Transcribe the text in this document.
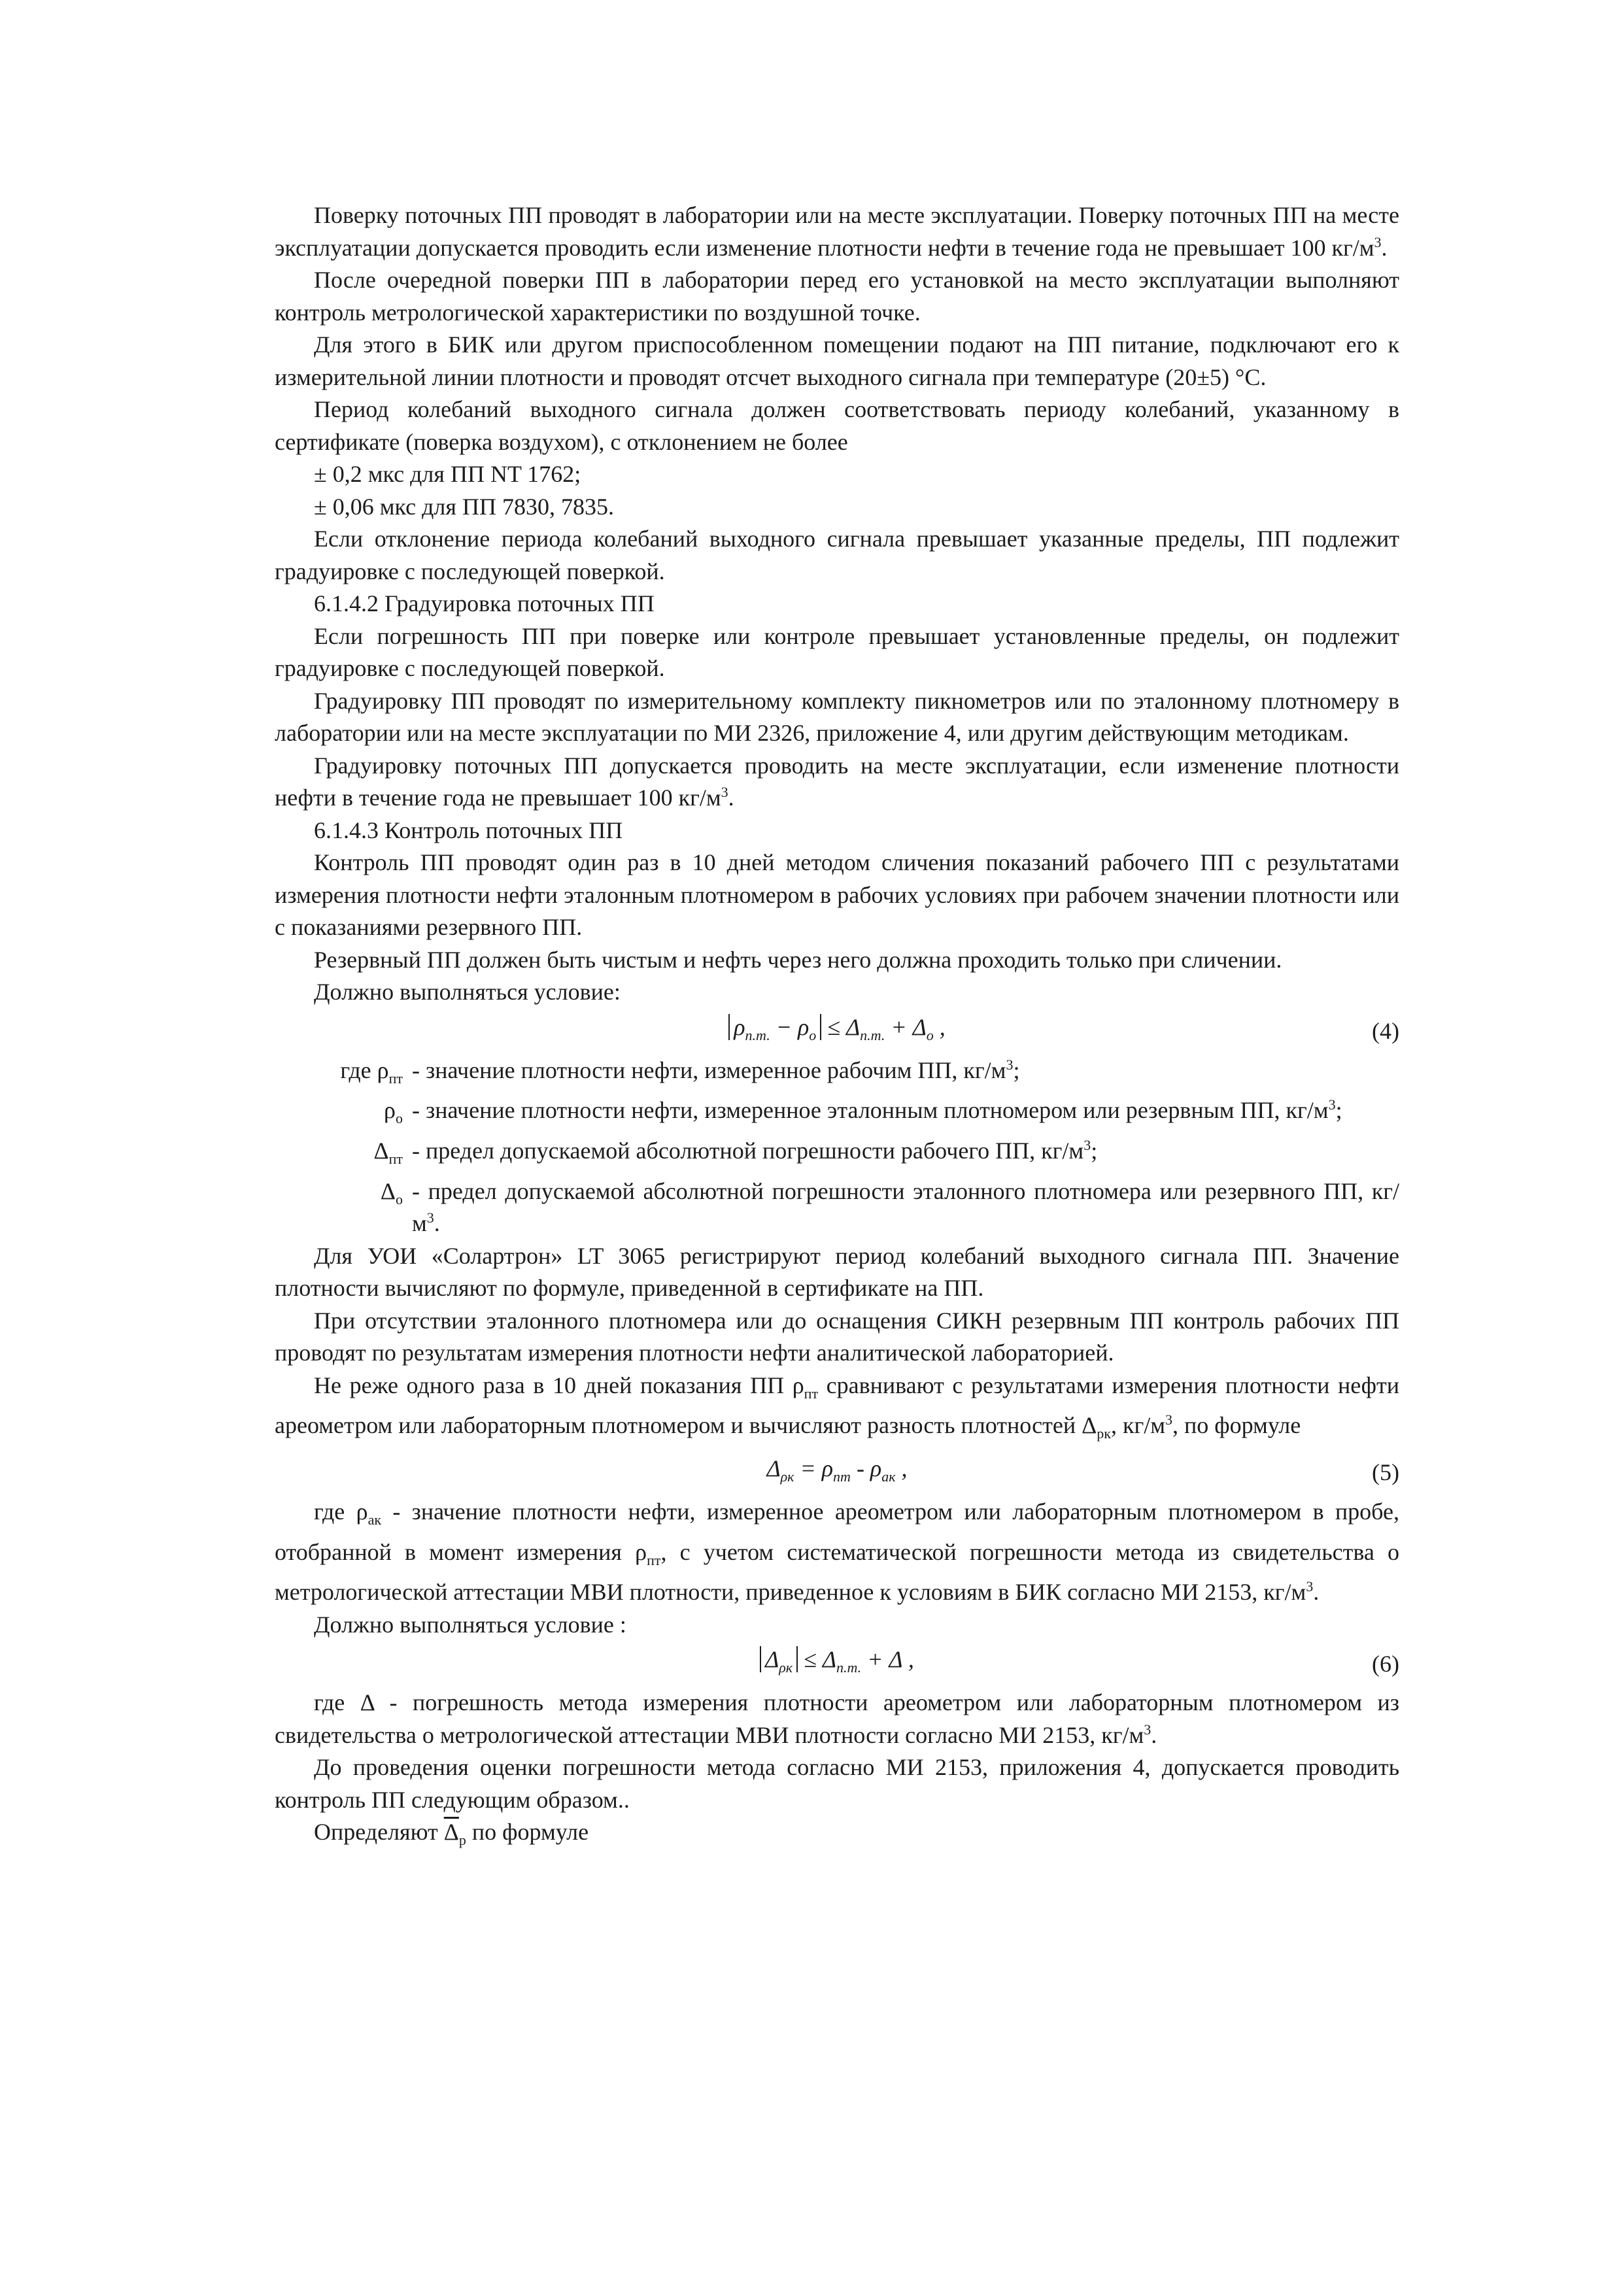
Поверку поточных ПП проводят в лаборатории или на месте эксплуатации. Поверку поточных ПП на месте эксплуатации допускается проводить если изменение плотности нефти в течение года не превышает 100 $кг/м^3$.

После очередной поверки ПП в лаборатории перед его установкой на место эксплуатации выполняют контроль метрологической характеристики по воздушной точке.

Для этого в БИК или другом приспособленном помещении подают на ПП питание, подключают его к измерительной линии плотности и проводят отсчет выходного сигнала при температуре (20±5) °С.

Период колебаний выходного сигнала должен соответствовать периоду колебаний, указанному в сертификате (поверка воздухом), с отклонением не более

± 0,2 мкс для ПП NT 1762;

± 0,06 мкс для ПП 7830, 7835.

Если отклонение периода колебаний выходного сигнала превышает указанные пределы, ПП подлежит градуировке с последующей поверкой.

6.1.4.2 Градуировка поточных ПП

Если погрешность ПП при поверке или контроле превышает установленные пределы, он подлежит градуировке с последующей поверкой.

Градуировку ПП проводят по измерительному комплекту пикнометров или по эталонному плотномеру в лаборатории или на месте эксплуатации по МИ 2326, приложение 4, или другим действующим методикам.

Градуировку поточных ПП допускается проводить на месте эксплуатации, если изменение плотности нефти в течение года не превышает 100 $кг/м^3$.

6.1.4.3 Контроль поточных ПП

Контроль ПП проводят один раз в 10 дней методом сличения показаний рабочего ПП с результатами измерения плотности нефти эталонным плотномером в рабочих условиях при рабочем значении плотности или с показаниями резервного ПП.

Резервный ПП должен быть чистым и нефть через него должна проходить только при сличении.

Должно выполняться условие:

$\rho_{п.т.} - \rho_о \le \Delta_{п.т.} + \Delta_о$ ,	(4)
где $\rho_{пт}$ - значение плотности нефти, измеренное рабочим ПП, $кг/м^3$;
$\rho_о$ - значение плотности нефти, измеренное эталонным плотномером или резервным ПП, $кг/м^3$;
$\Delta_{пт}$ - предел допускаемой абсолютной погрешности рабочего ПП, $кг/м^3$;
$\Delta_о$ - предел допускаемой абсолютной погрешности эталонного плотномера или резервного ПП, $кг/м^3$.

Для УОИ «Солартрон» LT 3065 регистрируют период колебаний выходного сигнала ПП. Значение плотности вычисляют по формуле, приведенной в сертификате на ПП.

При отсутствии эталонного плотномера или до оснащения СИКН резервным ПП контроль рабочих ПП проводят по результатам измерения плотности нефти аналитической лабораторией.

Не реже одного раза в 10 дней показания ПП $\rho_{пт}$ сравнивают с результатами измерения плотности нефти ареометром или лабораторным плотномером и вычисляют разность плотностей $\Delta_{рк}$, $кг/м^3$, по формуле

$\Delta_{\rho к} = \rho_{пт} - \rho_{ак}$ ,	(5)

где $\rho_{ак}$ - значение плотности нефти, измеренное ареометром или лабораторным плотномером в пробе, отобранной в момент измерения $\rho_{пт}$, с учетом систематической погрешности метода из свидетельства о метрологической аттестации МВИ плотности, приведенное к условиям в БИК согласно МИ 2153, $кг/м^3$.

Должно выполняться условие :

$\Delta_{\rho к} \le \Delta_{п.т.} + \Delta$ ,	(6)

где Δ - погрешность метода измерения плотности ареометром или лабораторным плотномером из свидетельства о метрологической аттестации МВИ плотности согласно МИ 2153, $кг/м^3$.

До проведения оценки погрешности метода согласно МИ 2153, приложения 4, допускается проводить контроль ПП следующим образом..

Определяют $\overline{\Delta}_р$ по формуле
